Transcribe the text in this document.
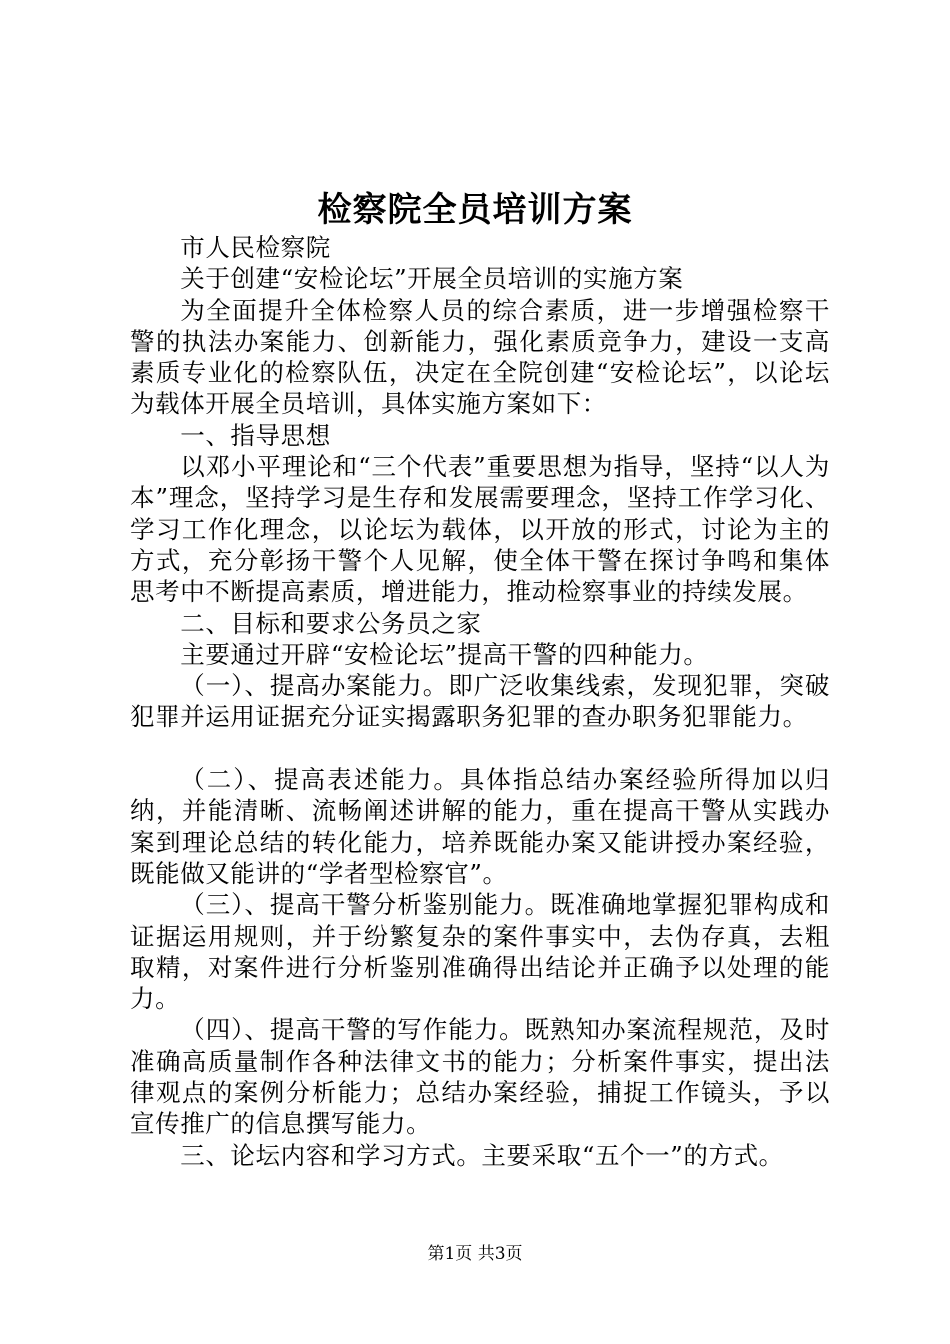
检察院全员培训方案

市人民检察院

关于创建“安检论坛”开展全员培训的实施方案

为全面提升全体检察人员的综合素质，进一步增强检察干警的执法办案能力、创新能力，强化素质竞争力，建设一支高素质专业化的检察队伍，决定在全院创建“安检论坛”，以论坛为载体开展全员培训，具体实施方案如下：

一、指导思想

以邓小平理论和“三个代表”重要思想为指导，坚持“以人为本”理念，坚持学习是生存和发展需要理念，坚持工作学习化、学习工作化理念，以论坛为载体，以开放的形式，讨论为主的方式，充分彰扬干警个人见解，使全体干警在探讨争鸣和集体思考中不断提高素质，增进能力，推动检察事业的持续发展。

二、目标和要求公务员之家

主要通过开辟“安检论坛”提高干警的四种能力。

（一）、提高办案能力。即广泛收集线索，发现犯罪，突破犯罪并运用证据充分证实揭露职务犯罪的查办职务犯罪能力。

（二）、提高表述能力。具体指总结办案经验所得加以归纳，并能清晰、流畅阐述讲解的能力，重在提高干警从实践办案到理论总结的转化能力，培养既能办案又能讲授办案经验，既能做又能讲的“学者型检察官”。

（三）、提高干警分析鉴别能力。既准确地掌握犯罪构成和证据运用规则，并于纷繁复杂的案件事实中，去伪存真，去粗取精，对案件进行分析鉴别准确得出结论并正确予以处理的能力。

（四）、提高干警的写作能力。既熟知办案流程规范，及时准确高质量制作各种法律文书的能力；分析案件事实，提出法律观点的案例分析能力；总结办案经验，捕捉工作镜头，予以宣传推广的信息撰写能力。

三、论坛内容和学习方式。主要采取“五个一”的方式。

第1页 共3页
